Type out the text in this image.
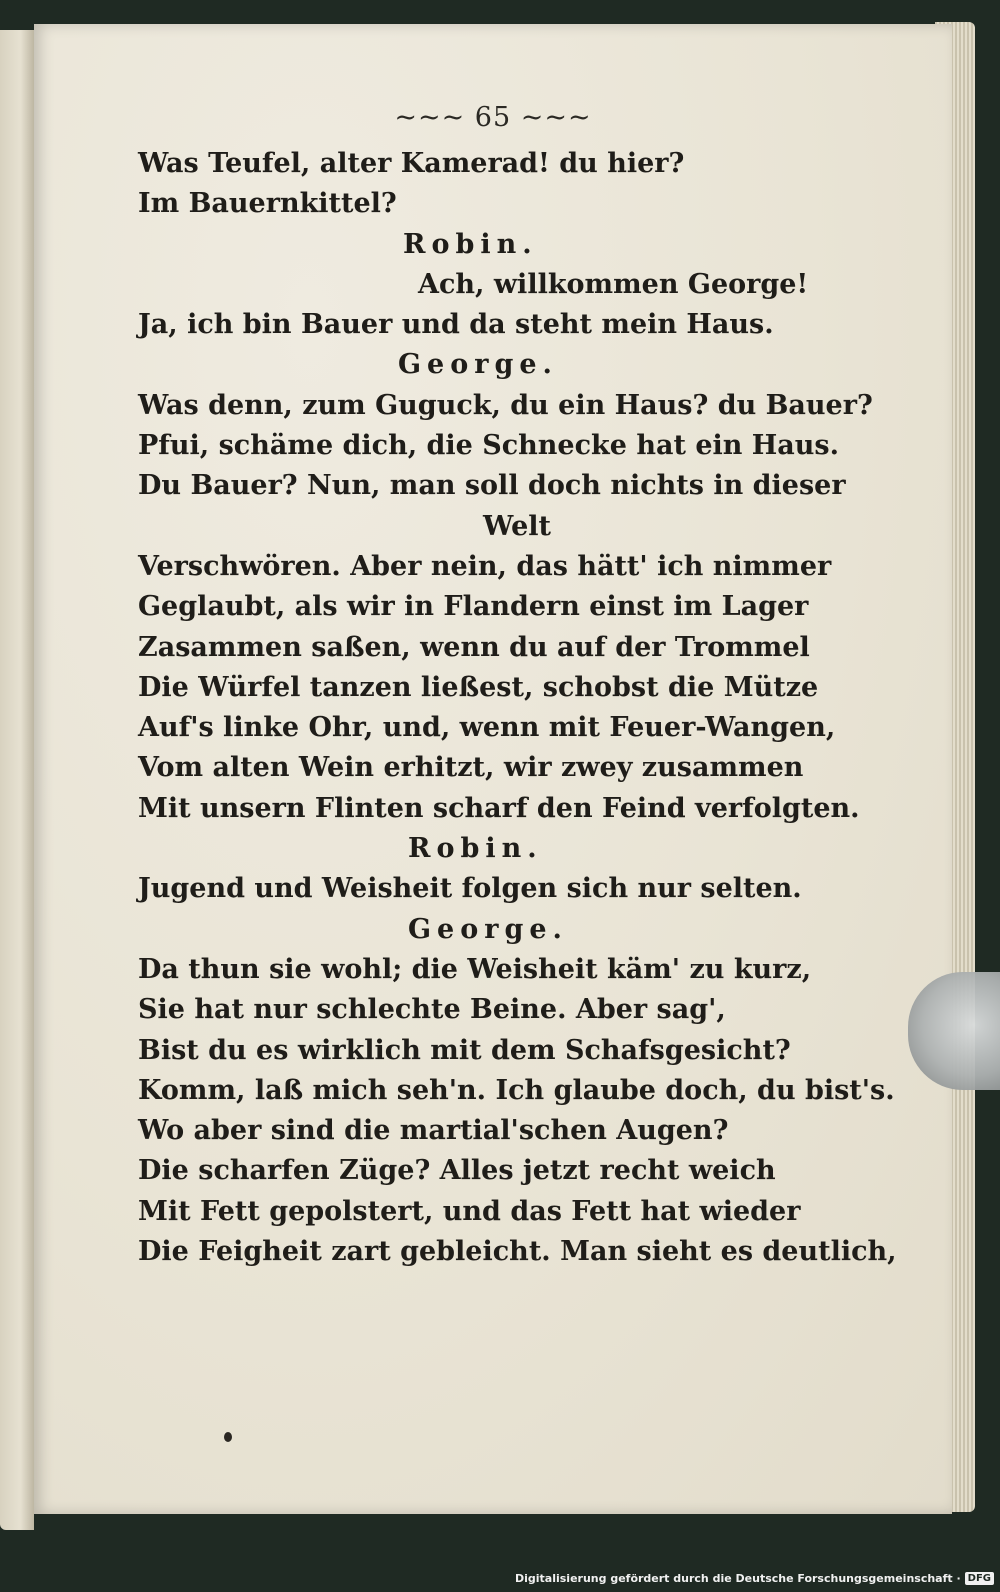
~~~ 65 ~~~
Was Teufel, alter Kamerad! du hier?
Im Bauernkittel?
Robin.
Ach, willkommen George!
Ja, ich bin Bauer und da steht mein Haus.
George.
Was denn, zum Guguck, du ein Haus? du Bauer?
Pfui, schäme dich, die Schnecke hat ein Haus.
Du Bauer? Nun, man soll doch nichts in dieser
Welt
Verschwören. Aber nein, das hätt' ich nimmer
Geglaubt, als wir in Flandern einst im Lager
Zasammen saßen, wenn du auf der Trommel
Die Würfel tanzen ließest, schobst die Mütze
Auf's linke Ohr, und, wenn mit Feuer-Wangen,
Vom alten Wein erhitzt, wir zwey zusammen
Mit unsern Flinten scharf den Feind verfolgten.
Robin.
Jugend und Weisheit folgen sich nur selten.
George.
Da thun sie wohl; die Weisheit käm' zu kurz,
Sie hat nur schlechte Beine. Aber sag',
Bist du es wirklich mit dem Schafsgesicht?
Komm, laß mich seh'n. Ich glaube doch, du bist's.
Wo aber sind die martial'schen Augen?
Die scharfen Züge? Alles jetzt recht weich
Mit Fett gepolstert, und das Fett hat wieder
Die Feigheit zart gebleicht. Man sieht es deutlich,
Digitalisierung gefördert durch die Deutsche Forschungsgemeinschaft · DFG
